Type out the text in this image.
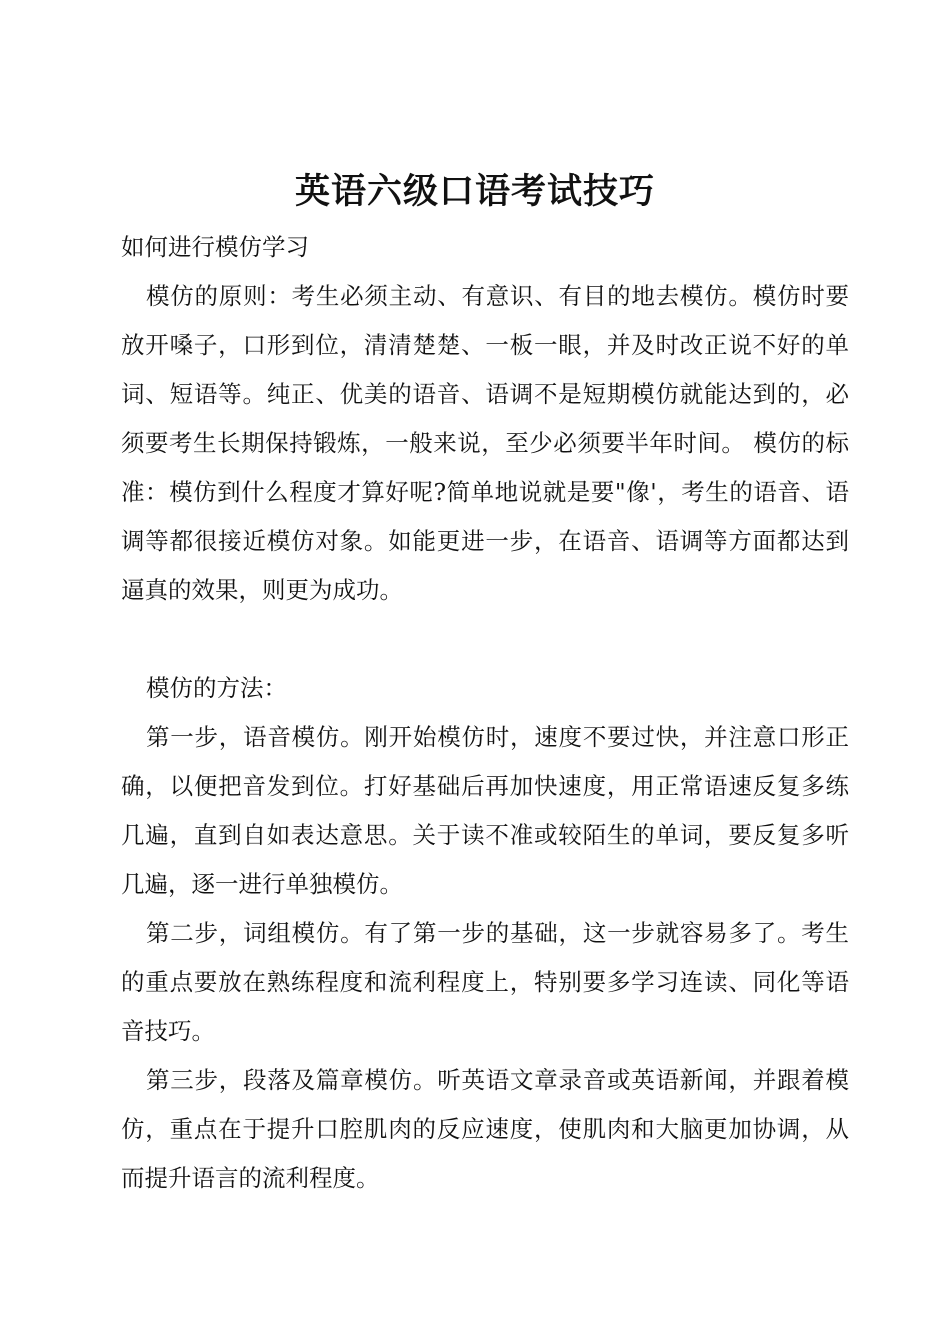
英语六级口语考试技巧

如何进行模仿学习

模仿的原则：考生必须主动、有意识、有目的地去模仿。模仿时要放开嗓子，口形到位，清清楚楚、一板一眼，并及时改正说不好的单词、短语等。纯正、优美的语音、语调不是短期模仿就能达到的，必须要考生长期保持锻炼，一般来说，至少必须要半年时间。 模仿的标准：模仿到什么程度才算好呢?简单地说就是要"像'，考生的语音、语调等都很接近模仿对象。如能更进一步，在语音、语调等方面都达到逼真的效果，则更为成功。

模仿的方法：

第一步，语音模仿。刚开始模仿时，速度不要过快，并注意口形正确，以便把音发到位。打好基础后再加快速度，用正常语速反复多练几遍，直到自如表达意思。关于读不准或较陌生的单词，要反复多听几遍，逐一进行单独模仿。

第二步，词组模仿。有了第一步的基础，这一步就容易多了。考生的重点要放在熟练程度和流利程度上，特别要多学习连读、同化等语音技巧。

第三步，段落及篇章模仿。听英语文章录音或英语新闻，并跟着模仿，重点在于提升口腔肌肉的反应速度，使肌肉和大脑更加协调，从而提升语言的流利程度。
